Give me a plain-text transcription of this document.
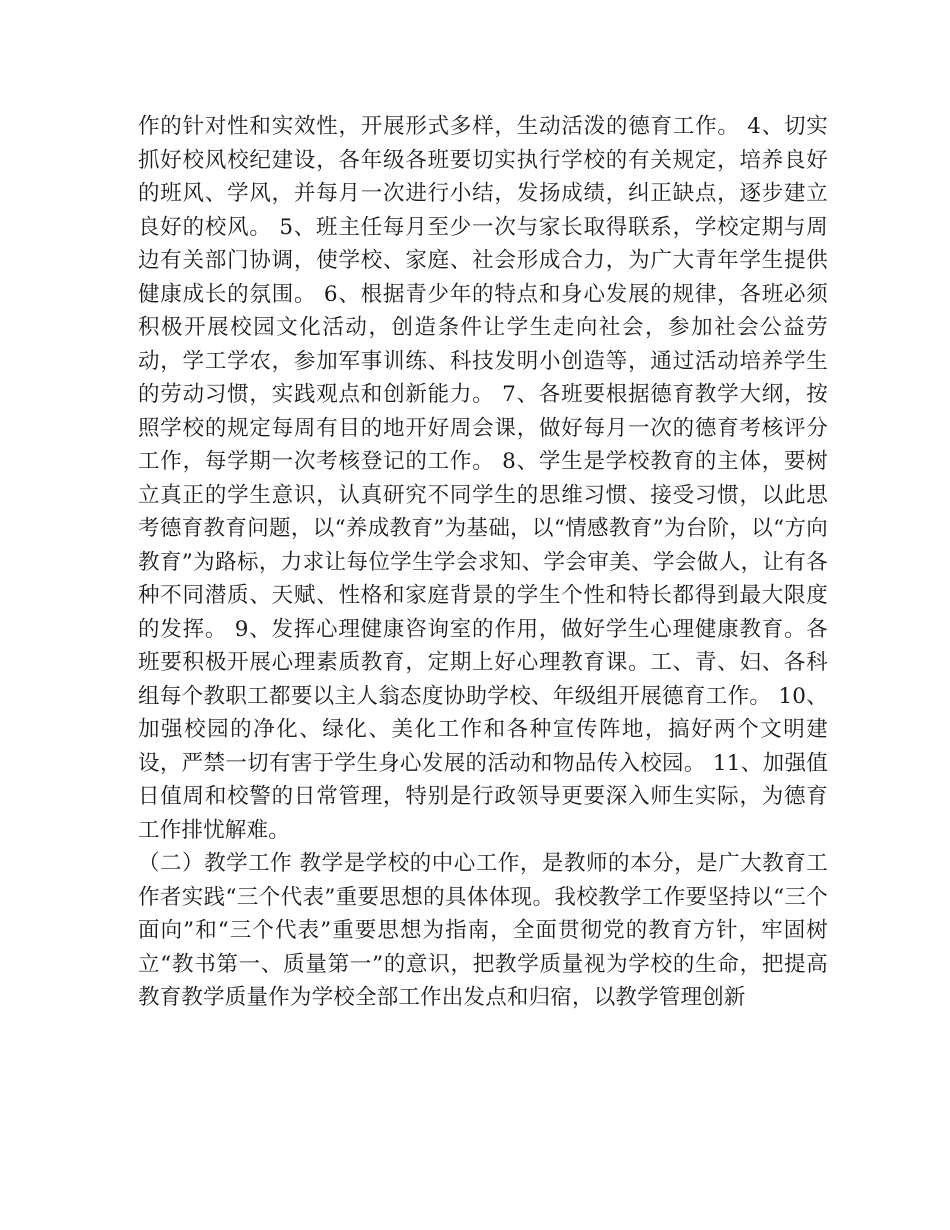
作的针对性和实效性，开展形式多样，生动活泼的德育工作。 4、切实抓好校风校纪建设，各年级各班要切实执行学校的有关规定，培养良好的班风、学风，并每月一次进行小结，发扬成绩，纠正缺点，逐步建立良好的校风。 5、班主任每月至少一次与家长取得联系，学校定期与周边有关部门协调，使学校、家庭、社会形成合力，为广大青年学生提供健康成长的氛围。 6、根据青少年的特点和身心发展的规律，各班必须积极开展校园文化活动，创造条件让学生走向社会，参加社会公益劳动，学工学农，参加军事训练、科技发明小创造等，通过活动培养学生的劳动习惯，实践观点和创新能力。 7、各班要根据德育教学大纲，按照学校的规定每周有目的地开好周会课，做好每月一次的德育考核评分工作，每学期一次考核登记的工作。 8、学生是学校教育的主体，要树立真正的学生意识，认真研究不同学生的思维习惯、接受习惯，以此思考德育教育问题，以“养成教育”为基础，以“情感教育”为台阶，以“方向教育”为路标，力求让每位学生学会求知、学会审美、学会做人，让有各种不同潜质、天赋、性格和家庭背景的学生个性和特长都得到最大限度的发挥。 9、发挥心理健康咨询室的作用，做好学生心理健康教育。各班要积极开展心理素质教育，定期上好心理教育课。工、青、妇、各科组每个教职工都要以主人翁态度协助学校、年级组开展德育工作。 10、加强校园的净化、绿化、美化工作和各种宣传阵地，搞好两个文明建设，严禁一切有害于学生身心发展的活动和物品传入校园。 11、加强值日值周和校警的日常管理，特别是行政领导更要深入师生实际，为德育工作排忧解难。

（二）教学工作 教学是学校的中心工作，是教师的本分，是广大教育工作者实践“三个代表”重要思想的具体体现。我校教学工作要坚持以“三个面向”和“三个代表”重要思想为指南，全面贯彻党的教育方针，牢固树立“教书第一、质量第一”的意识，把教学质量视为学校的生命，把提高教育教学质量作为学校全部工作出发点和归宿，以教学管理创新
